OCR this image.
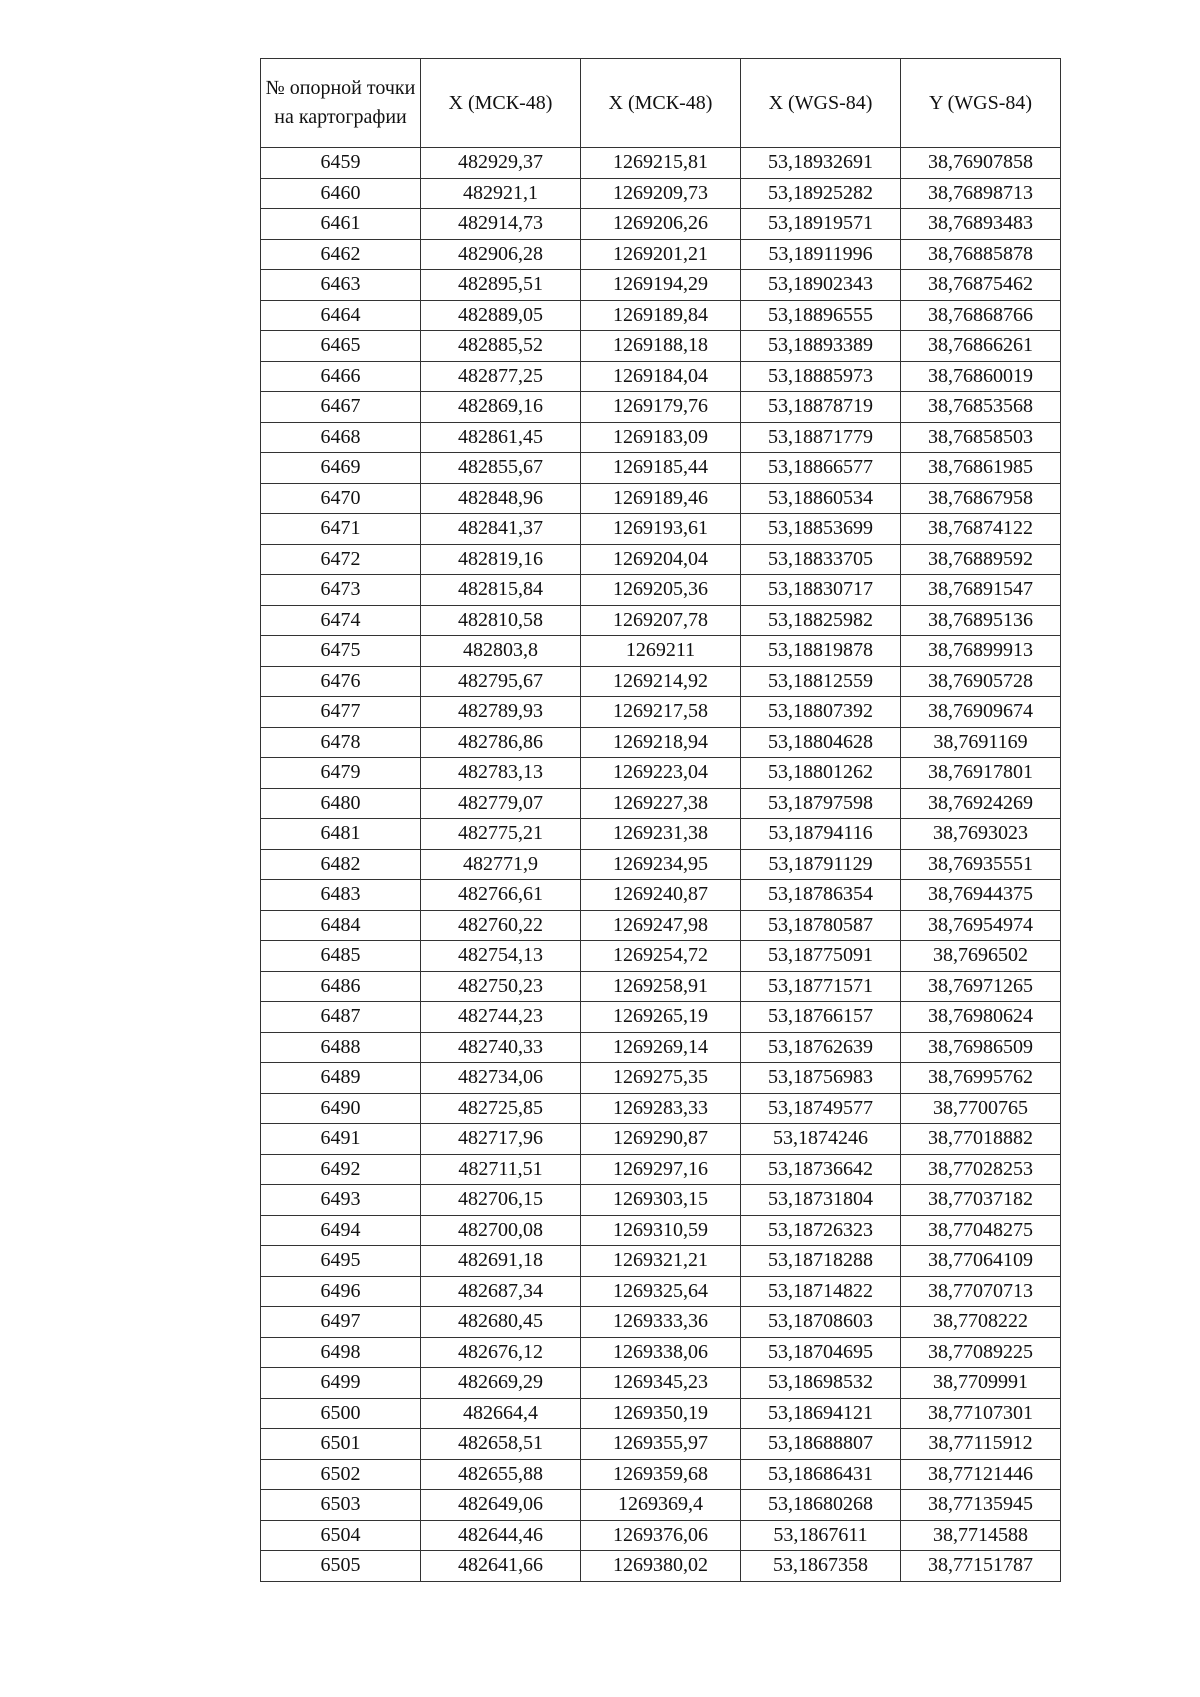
№ опорной точки на картографии	X (МСК-48)	X (МСК-48)	X (WGS-84)	Y (WGS-84)
6459	482929,37	1269215,81	53,18932691	38,76907858
6460	482921,1	1269209,73	53,18925282	38,76898713
6461	482914,73	1269206,26	53,18919571	38,76893483
6462	482906,28	1269201,21	53,18911996	38,76885878
6463	482895,51	1269194,29	53,18902343	38,76875462
6464	482889,05	1269189,84	53,18896555	38,76868766
6465	482885,52	1269188,18	53,18893389	38,76866261
6466	482877,25	1269184,04	53,18885973	38,76860019
6467	482869,16	1269179,76	53,18878719	38,76853568
6468	482861,45	1269183,09	53,18871779	38,76858503
6469	482855,67	1269185,44	53,18866577	38,76861985
6470	482848,96	1269189,46	53,18860534	38,76867958
6471	482841,37	1269193,61	53,18853699	38,76874122
6472	482819,16	1269204,04	53,18833705	38,76889592
6473	482815,84	1269205,36	53,18830717	38,76891547
6474	482810,58	1269207,78	53,18825982	38,76895136
6475	482803,8	1269211	53,18819878	38,76899913
6476	482795,67	1269214,92	53,18812559	38,76905728
6477	482789,93	1269217,58	53,18807392	38,76909674
6478	482786,86	1269218,94	53,18804628	38,7691169
6479	482783,13	1269223,04	53,18801262	38,76917801
6480	482779,07	1269227,38	53,18797598	38,76924269
6481	482775,21	1269231,38	53,18794116	38,7693023
6482	482771,9	1269234,95	53,18791129	38,76935551
6483	482766,61	1269240,87	53,18786354	38,76944375
6484	482760,22	1269247,98	53,18780587	38,76954974
6485	482754,13	1269254,72	53,18775091	38,7696502
6486	482750,23	1269258,91	53,18771571	38,76971265
6487	482744,23	1269265,19	53,18766157	38,76980624
6488	482740,33	1269269,14	53,18762639	38,76986509
6489	482734,06	1269275,35	53,18756983	38,76995762
6490	482725,85	1269283,33	53,18749577	38,7700765
6491	482717,96	1269290,87	53,1874246	38,77018882
6492	482711,51	1269297,16	53,18736642	38,77028253
6493	482706,15	1269303,15	53,18731804	38,77037182
6494	482700,08	1269310,59	53,18726323	38,77048275
6495	482691,18	1269321,21	53,18718288	38,77064109
6496	482687,34	1269325,64	53,18714822	38,77070713
6497	482680,45	1269333,36	53,18708603	38,7708222
6498	482676,12	1269338,06	53,18704695	38,77089225
6499	482669,29	1269345,23	53,18698532	38,7709991
6500	482664,4	1269350,19	53,18694121	38,77107301
6501	482658,51	1269355,97	53,18688807	38,77115912
6502	482655,88	1269359,68	53,18686431	38,77121446
6503	482649,06	1269369,4	53,18680268	38,77135945
6504	482644,46	1269376,06	53,1867611	38,7714588
6505	482641,66	1269380,02	53,1867358	38,77151787
